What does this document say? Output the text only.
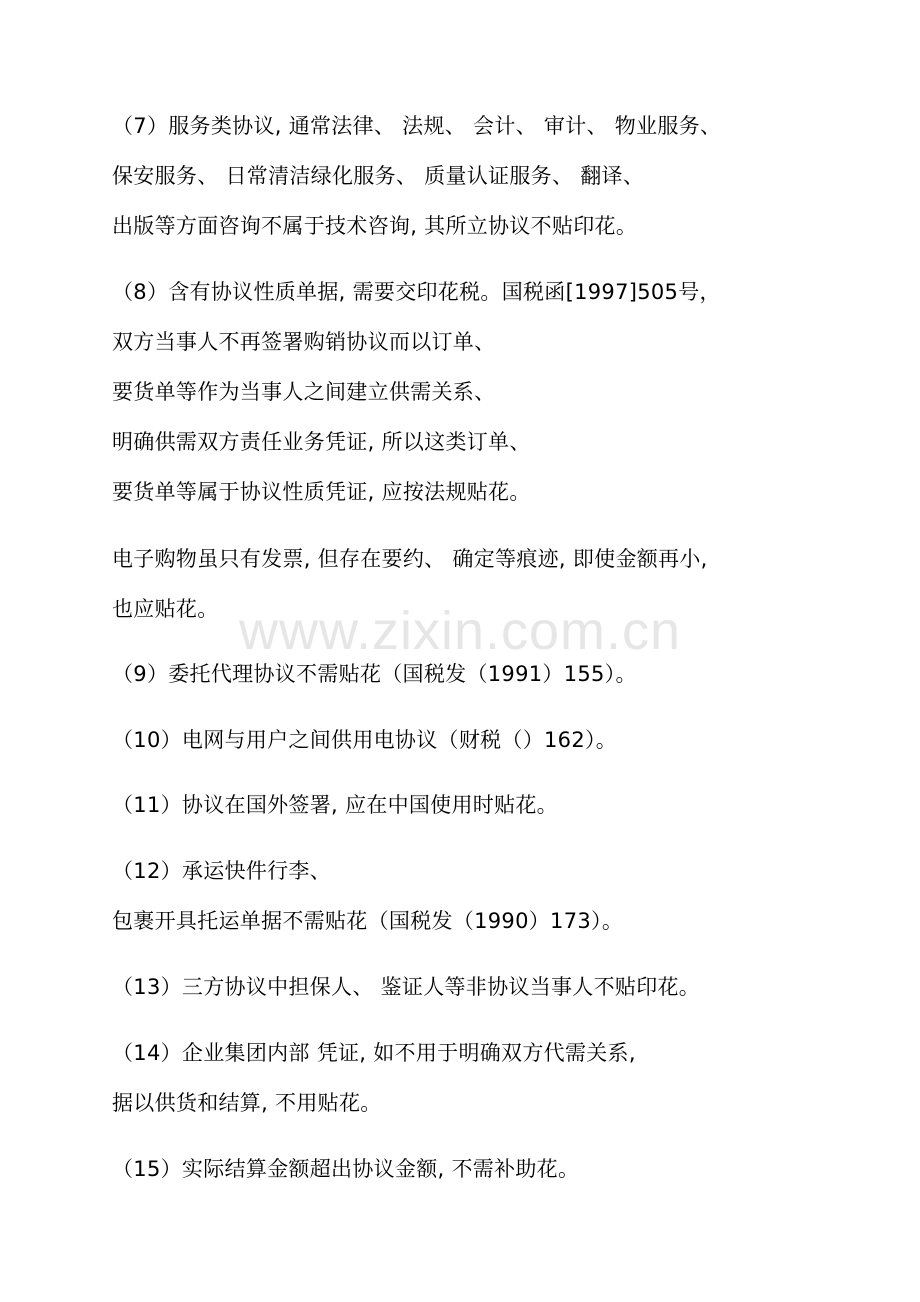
www.zixin.com.cn
（7）服务类协议, 通常法律、 法规、 会计、 审计、 物业服务、
保安服务、 日常清洁绿化服务、 质量认证服务、 翻译、
出版等方面咨询不属于技术咨询, 其所立协议不贴印花。
（8）含有协议性质单据, 需要交印花税。国税函[1997]505号，
双方当事人不再签署购销协议而以订单、
要货单等作为当事人之间建立供需关系、
明确供需双方责任业务凭证, 所以这类订单、
要货单等属于协议性质凭证, 应按法规贴花。
电子购物虽只有发票, 但存在要约、 确定等痕迹, 即使金额再小,
也应贴花。
（9）委托代理协议不需贴花（国税发（1991）155）。
（10）电网与用户之间供用电协议（财税（）162）。
（11）协议在国外签署, 应在中国使用时贴花。
（12）承运快件行李、
包裹开具托运单据不需贴花（国税发（1990）173）。
（13）三方协议中担保人、 鉴证人等非协议当事人不贴印花。
（14）企业集团内部 凭证, 如不用于明确双方代需关系,
据以供货和结算, 不用贴花。
（15）实际结算金额超出协议金额, 不需补助花。
